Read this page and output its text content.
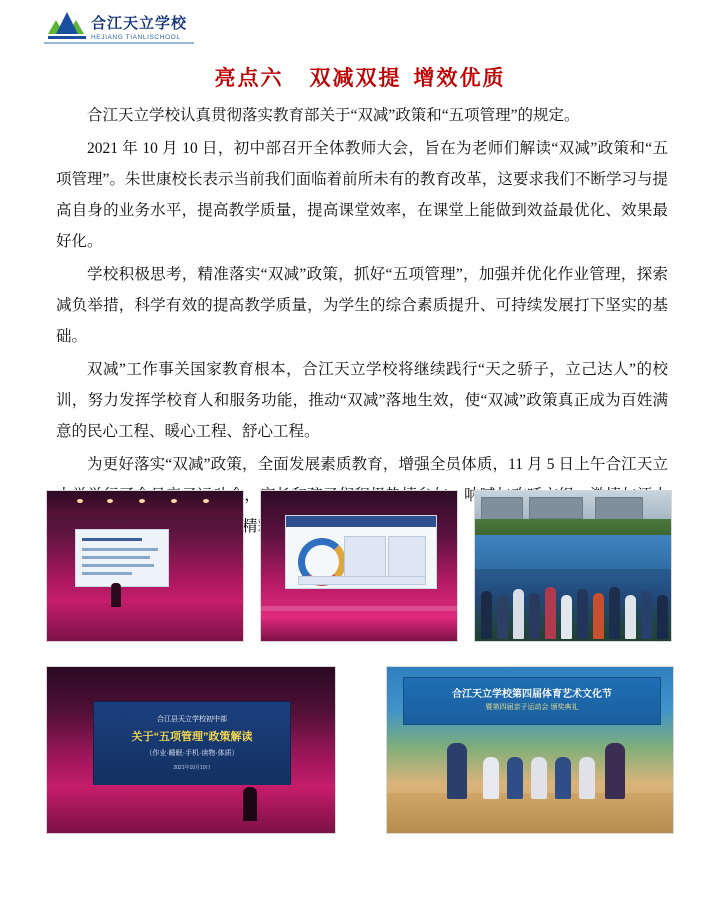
合江天立学校
HEJIANG TIANLISCHOOL
亮点六 双减双提 增效优质

合江天立学校认真贯彻落实教育部关于“双减”政策和“五项管理”的规定。

2021 年 10 月 10 日，初中部召开全体教师大会，旨在为老师们解读“双减”政策和“五项管理”。朱世康校长表示当前我们面临着前所未有的教育改革，这要求我们不断学习与提高自身的业务水平，提高教学质量，提高课堂效率，在课堂上能做到效益最优化、效果最好化。

学校积极思考，精准落实“双减”政策，抓好“五项管理”，加强并优化作业管理，探索减负举措，科学有效的提高教学质量，为学生的综合素质提升、可持续发展打下坚实的基础。

双减”工作事关国家教育根本，合江天立学校将继续践行“天之骄子，立己达人”的校训，努力发挥学校育人和服务功能，推动“双减”落地生效，使“双减”政策真正成为百姓满意的民心工程、暖心工程、舒心工程。

为更好落实“双减”政策，全面发展素质教育，增强全员体质，11 月 5 日上午合江天立小学举行了全员亲子运动会，家长和孩子们积极热情参与，呐喊 难忘的精彩瞬间。

合江县天立学校初中部
关于“五项管理”政策解读
（作业·睡眠·手机·读物·体质）
2021年10月10日
合江天立学校第四届体育艺术文化节
暨第四届亲子运动会 颁奖典礼
